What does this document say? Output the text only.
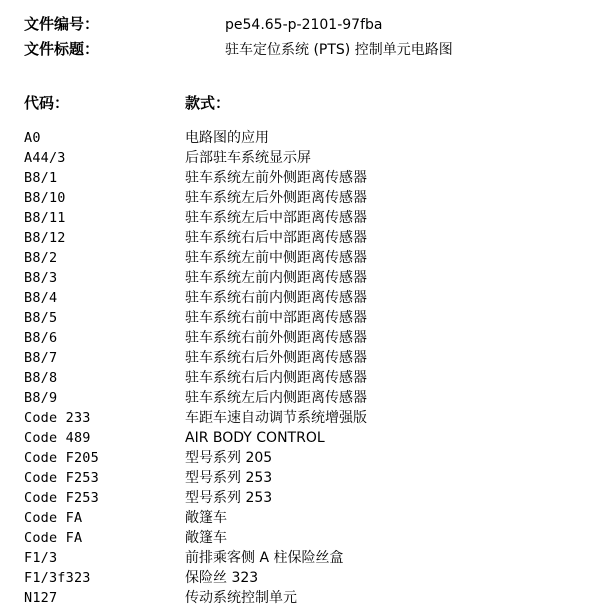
文件编号：	pe54.65-p-2101-97fba
文件标题：	驻车定位系统 (PTS) 控制单元电路图
代码：	款式：
A0	电路图的应用
A44/3	后部驻车系统显示屏
B8/1	驻车系统左前外侧距离传感器
B8/10	驻车系统左后外侧距离传感器
B8/11	驻车系统左后中部距离传感器
B8/12	驻车系统右后中部距离传感器
B8/2	驻车系统左前中侧距离传感器
B8/3	驻车系统左前内侧距离传感器
B8/4	驻车系统右前内侧距离传感器
B8/5	驻车系统右前中部距离传感器
B8/6	驻车系统右前外侧距离传感器
B8/7	驻车系统右后外侧距离传感器
B8/8	驻车系统右后内侧距离传感器
B8/9	驻车系统左后内侧距离传感器
Code 233	车距车速自动调节系统增强版
Code 489	AIR BODY CONTROL
Code F205	型号系列 205
Code F253	型号系列 253
Code F253	型号系列 253
Code FA	敞篷车
Code FA	敞篷车
F1/3	前排乘客侧 A 柱保险丝盒
F1/3f323	保险丝 323
N127	传动系统控制单元
